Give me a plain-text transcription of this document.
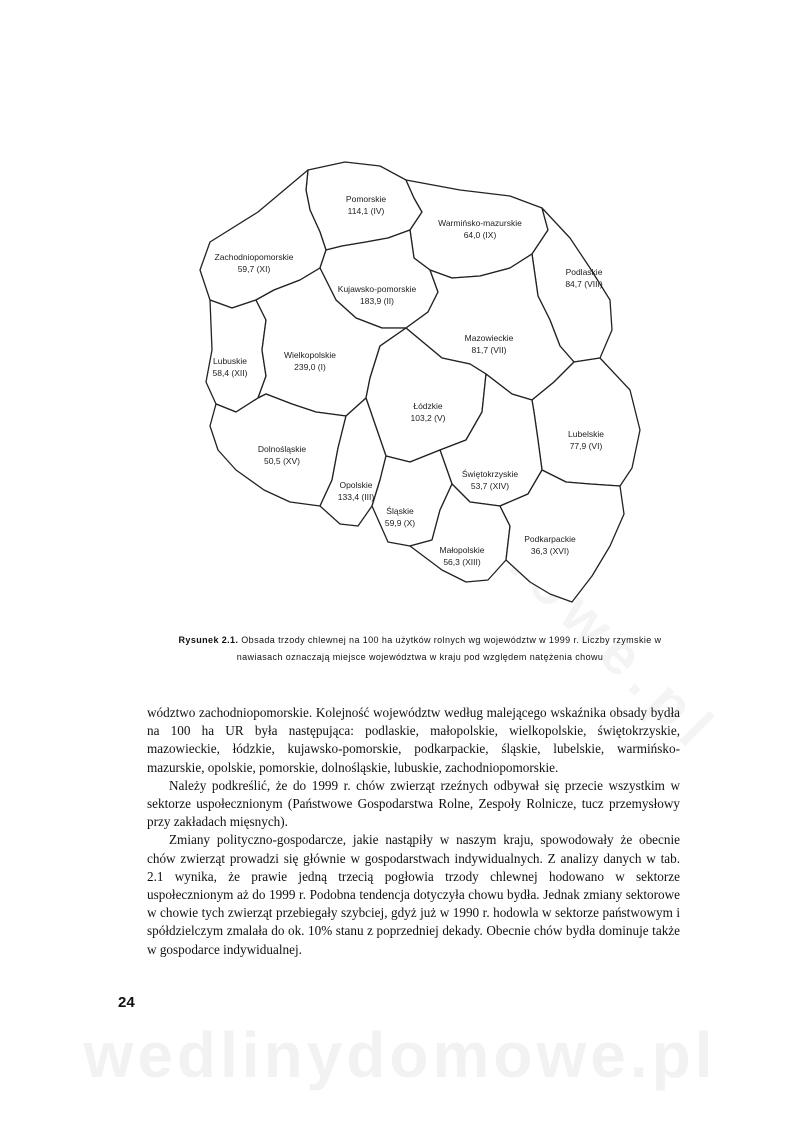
Pomorskie
114,1 (IV)
Warmińsko-mazurskie
64,0 (IX)
Zachodniopomorskie
59,7 (XI)	Podlaskie
84,7 (VIII)
Kujawsko-pomorskie
183,9 (II)
Mazowieckie
81,7 (VII)
Lubuskie
58,4 (XII)
Wielkopolskie
239,0 (I)
Łódzkie
103,2 (V)
Lubelskie
77,9 (VI)
Dolnośląskie
50,5 (XV)
Opolskie
133,4 (III)
Świętokrzyskie
53,7 (XIV)
Śląskie
59,9 (X)
Małopolskie
56,3 (XIII)
Podkarpackie
36,3 (XVI)
Rysunek 2.1. Obsada trzody chlewnej na 100 ha użytków rolnych wg województw w 1999 r. Liczby rzymskie w nawiasach oznaczają miejsce województwa w kraju pod względem natężenia chowu

wództwo zachodniopomorskie. Kolejność województw według malejącego wskaźnika obsady bydła na 100 ha UR była następująca: podlaskie, małopolskie, wielkopolskie, świętokrzyskie, mazowieckie, łódzkie, kujawsko-pomorskie, podkarpackie, śląskie, lubelskie, warmińsko-mazurskie, opolskie, pomorskie, dolnośląskie, lubuskie, zachodniopomorskie.

Należy podkreślić, że do 1999 r. chów zwierząt rzeźnych odbywał się przecie wszystkim w sektorze uspołecznionym (Państwowe Gospodarstwa Rolne, Zespoły Rolnicze, tucz przemysłowy przy zakładach mięsnych).

Zmiany polityczno-gospodarcze, jakie nastąpiły w naszym kraju, spowodowały że obecnie chów zwierząt prowadzi się głównie w gospodarstwach indywidualnych. Z analizy danych w tab. 2.1 wynika, że prawie jedną trzecią pogłowia trzody chlewnej hodowano w sektorze uspołecznionym aż do 1999 r. Podobna tendencja dotyczyła chowu bydła. Jednak zmiany sektorowe w chowie tych zwierząt przebiegały szybciej, gdyż już w 1990 r. hodowla w sektorze państwowym i spółdzielczym zmalała do ok. 10% stanu z poprzedniej dekady. Obecnie chów bydła dominuje także w gospodarce indywidualnej.

24
wedlinydomowe.pl
